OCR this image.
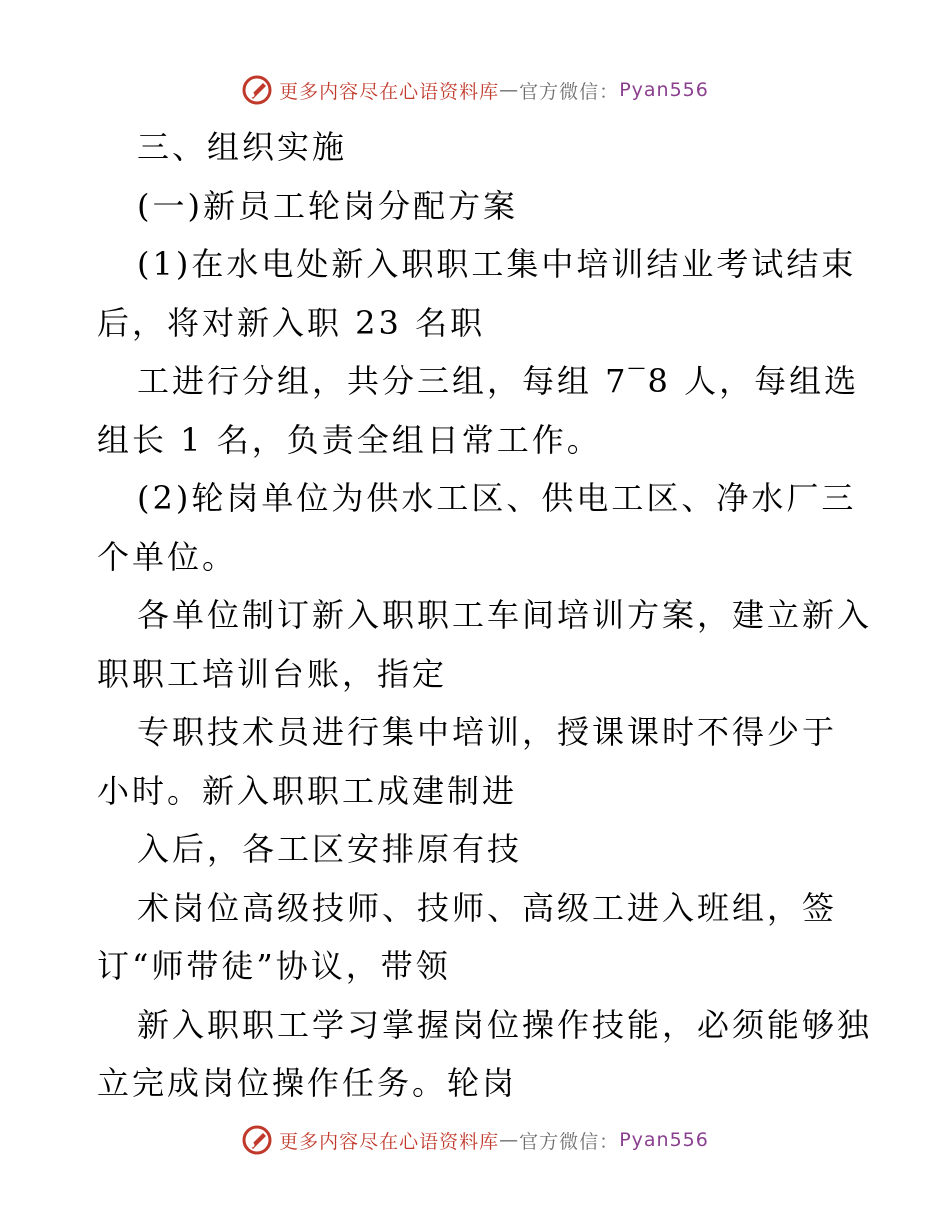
更多内容尽在心语资料库 — 官方微信： Pyan556

三、组织实施

(一)新员工轮岗分配方案

(1)在水电处新入职职工集中培训结业考试结束

后，将对新入职 23 名职

工进行分组，共分三组，每组 7‾8 人，每组选

组长 1 名，负责全组日常工作。

(2)轮岗单位为供水工区、供电工区、净水厂三

个单位。

各单位制订新入职职工车间培训方案，建立新入

职职工培训台账，指定

专职技术员进行集中培训，授课课时不得少于

小时。新入职职工成建制进

入后，各工区安排原有技

术岗位高级技师、技师、高级工进入班组，签

订“师带徒”协议，带领

新入职职工学习掌握岗位操作技能，必须能够独

立完成岗位操作任务。轮岗

更多内容尽在心语资料库 — 官方微信： Pyan556
